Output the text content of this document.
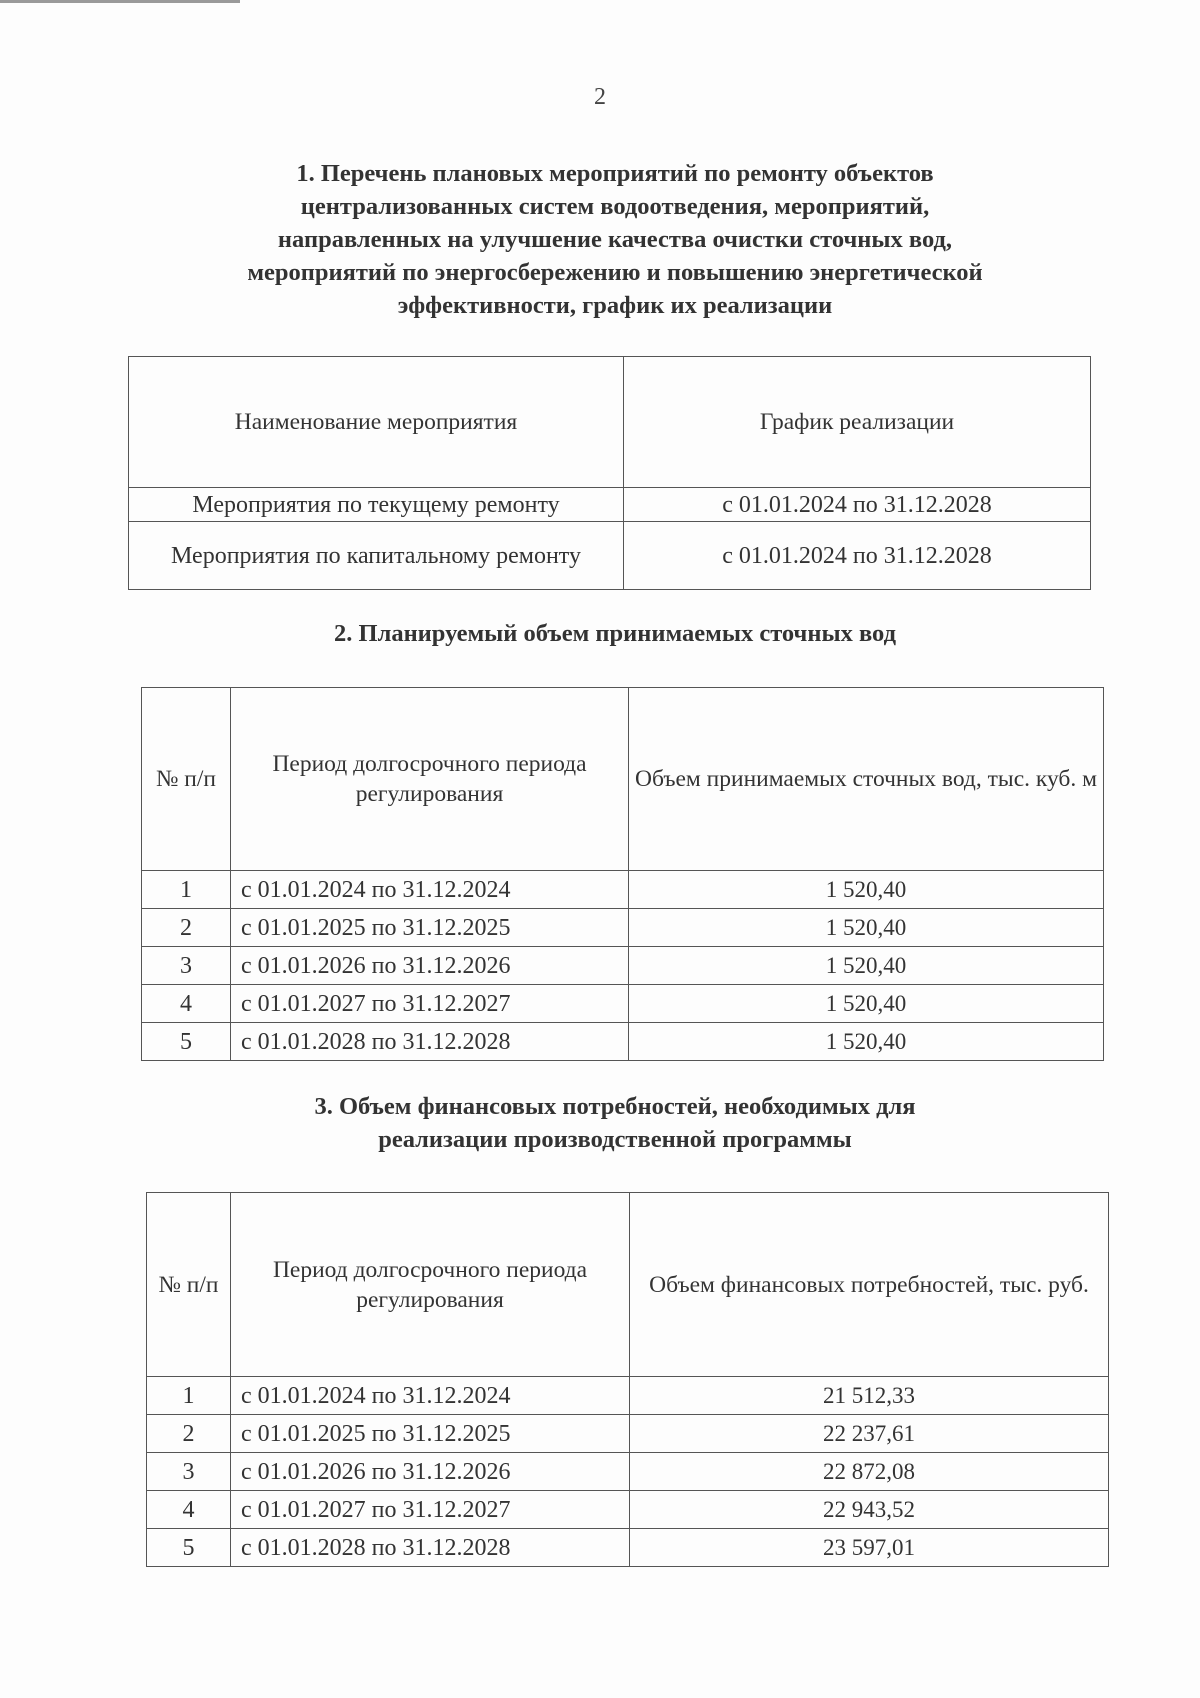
2
1. Перечень плановых мероприятий по ремонту объектов
централизованных систем водоотведения, мероприятий,
направленных на улучшение качества очистки сточных вод,
мероприятий по энергосбережению и повышению энергетической
эффективности, график их реализации
Наименование мероприятия	График реализации
Мероприятия по текущему ремонту	с 01.01.2024 по 31.12.2028
Мероприятия по капитальному ремонту	с 01.01.2024 по 31.12.2028
2. Планируемый объем принимаемых сточных вод
№ п/п	Период долгосрочного периода регулирования	Объем принимаемых сточных вод, тыс. куб. м
1	с 01.01.2024 по 31.12.2024	1 520,40
2	с 01.01.2025 по 31.12.2025	1 520,40
3	с 01.01.2026 по 31.12.2026	1 520,40
4	с 01.01.2027 по 31.12.2027	1 520,40
5	с 01.01.2028 по 31.12.2028	1 520,40
3. Объем финансовых потребностей, необходимых для
реализации производственной программы
№ п/п	Период долгосрочного периода регулирования	Объем финансовых потребностей, тыс. руб.
1	с 01.01.2024 по 31.12.2024	21 512,33
2	с 01.01.2025 по 31.12.2025	22 237,61
3	с 01.01.2026 по 31.12.2026	22 872,08
4	с 01.01.2027 по 31.12.2027	22 943,52
5	с 01.01.2028 по 31.12.2028	23 597,01
